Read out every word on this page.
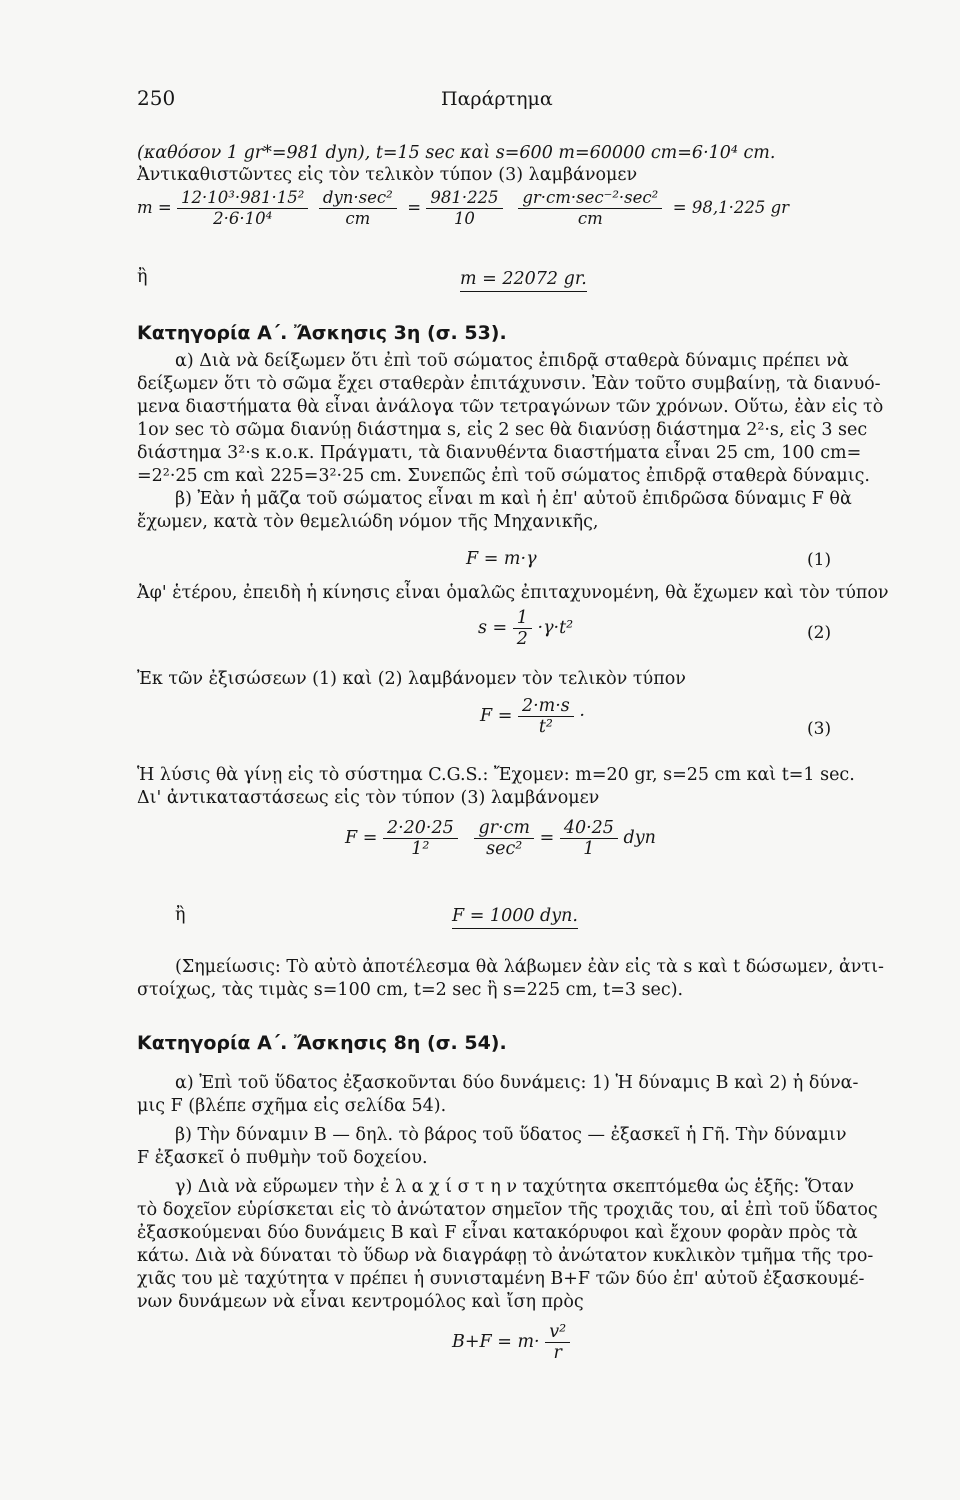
250	Παράρτημα
(καθόσον 1 gr*=981 dyn), t=15 sec καὶ s=600 m=60000 cm=6·10⁴ cm.
Ἀντικαθιστῶντες εἰς τὸν τελικὸν τύπον (3) λαμβάνομεν
$m = \frac{\text{12·10³·981·15²}}{\text{2·6·10⁴}}$
$\frac{\text{dyn·sec²}}{cm} = \frac{981\cdot 225}{10}$
$\frac{\text{gr·cm·sec⁻²·sec²}}{cm} = 98,1\cdot 225$ gr
ἢ	m = 22072 gr.
Κατηγορία Α΄. Ἄσκησις 3η (σ. 53).
α) Διὰ νὰ δείξωμεν ὅτι ἐπὶ τοῦ σώματος ἐπιδρᾷ σταθερὰ δύναμις πρέπει νὰ
δείξωμεν ὅτι τὸ σῶμα ἔχει σταθερὰν ἐπιτάχυνσιν. Ἐὰν τοῦτο συμβαίνῃ, τὰ διανυό-
μενα διαστήματα θὰ εἶναι ἀνάλογα τῶν τετραγώνων τῶν χρόνων. Οὕτω, ἐὰν εἰς τὸ
1ον sec τὸ σῶμα διανύῃ διάστημα s, εἰς 2 sec θὰ διανύσῃ διάστημα 2²·s, εἰς 3 sec
διάστημα 3²·s κ.ο.κ. Πράγματι, τὰ διανυθέντα διαστήματα εἶναι 25 cm, 100 cm=
=2²·25 cm καὶ 225=3²·25 cm. Συνεπῶς ἐπὶ τοῦ σώματος ἐπιδρᾷ σταθερὰ δύναμις.
β) Ἐὰν ἡ μᾶζα τοῦ σώματος εἶναι m καὶ ἡ ἐπ' αὐτοῦ ἐπιδρῶσα δύναμις F θὰ
ἔχωμεν, κατὰ τὸν θεμελιώδη νόμον τῆς Μηχανικῆς,
F = m·γ	(1)
Ἀφ' ἑτέρου, ἐπειδὴ ἡ κίνησις εἶναι ὁμαλῶς ἐπιταχυνομένη, θὰ ἔχωμεν καὶ τὸν τύπον
$s = \frac{1}{2} \cdot\gamma\cdot t^2$	(2)
Ἐκ τῶν ἐξισώσεων (1) καὶ (2) λαμβάνομεν τὸν τελικὸν τύπον
$F = \frac{2\cdot m\cdot s}{\text{t²}}$ ·
(3)
Ἡ λύσις θὰ γίνῃ εἰς τὸ σύστημα C.G.S.: Ἔχομεν: m=20 gr, s=25 cm καὶ t=1 sec.
Δι' ἀντικαταστάσεως εἰς τὸν τύπον (3) λαμβάνομεν
$F = \frac{2\cdot 20\cdot 25}{\text{1²}}$
$\frac{gr\cdot cm}{\text{sec²}} = \frac{40\cdot 25}{1}$ dyn
ἢ	F = 1000 dyn.
(Σημείωσις: Τὸ αὐτὸ ἀποτέλεσμα θὰ λάβωμεν ἐὰν εἰς τὰ s καὶ t δώσωμεν, ἀντι-
στοίχως, τὰς τιμὰς s=100 cm, t=2 sec ἢ s=225 cm, t=3 sec).
Κατηγορία Α΄. Ἄσκησις 8η (σ. 54).
α) Ἐπὶ τοῦ ὕδατος ἐξασκοῦνται δύο δυνάμεις: 1) Ἡ δύναμις B καὶ 2) ἡ δύνα-
μις F (βλέπε σχῆμα εἰς σελίδα 54).
β) Τὴν δύναμιν B — δηλ. τὸ βάρος τοῦ ὕδατος — ἐξασκεῖ ἡ Γῆ. Τὴν δύναμιν
F ἐξασκεῖ ὁ πυθμὴν τοῦ δοχείου.
γ) Διὰ νὰ εὕρωμεν τὴν ἐ λ α χ ί σ τ η ν ταχύτητα σκεπτόμεθα ὡς ἑξῆς: Ὅταν
τὸ δοχεῖον εὑρίσκεται εἰς τὸ ἀνώτατον σημεῖον τῆς τροχιᾶς του, αἱ ἐπὶ τοῦ ὕδατος
ἐξασκούμεναι δύο δυνάμεις B καὶ F εἶναι κατακόρυφοι καὶ ἔχουν φορὰν πρὸς τὰ
κάτω. Διὰ νὰ δύναται τὸ ὕδωρ νὰ διαγράφῃ τὸ ἀνώτατον κυκλικὸν τμῆμα τῆς τρο-
χιᾶς του μὲ ταχύτητα v πρέπει ἡ συνισταμένη B+F τῶν δύο ἐπ' αὐτοῦ ἐξασκουμέ-
νων δυνάμεων νὰ εἶναι κεντρομόλος καὶ ἴση πρὸς
$B+F = m\cdot \frac{\text{v²}}{r}$
